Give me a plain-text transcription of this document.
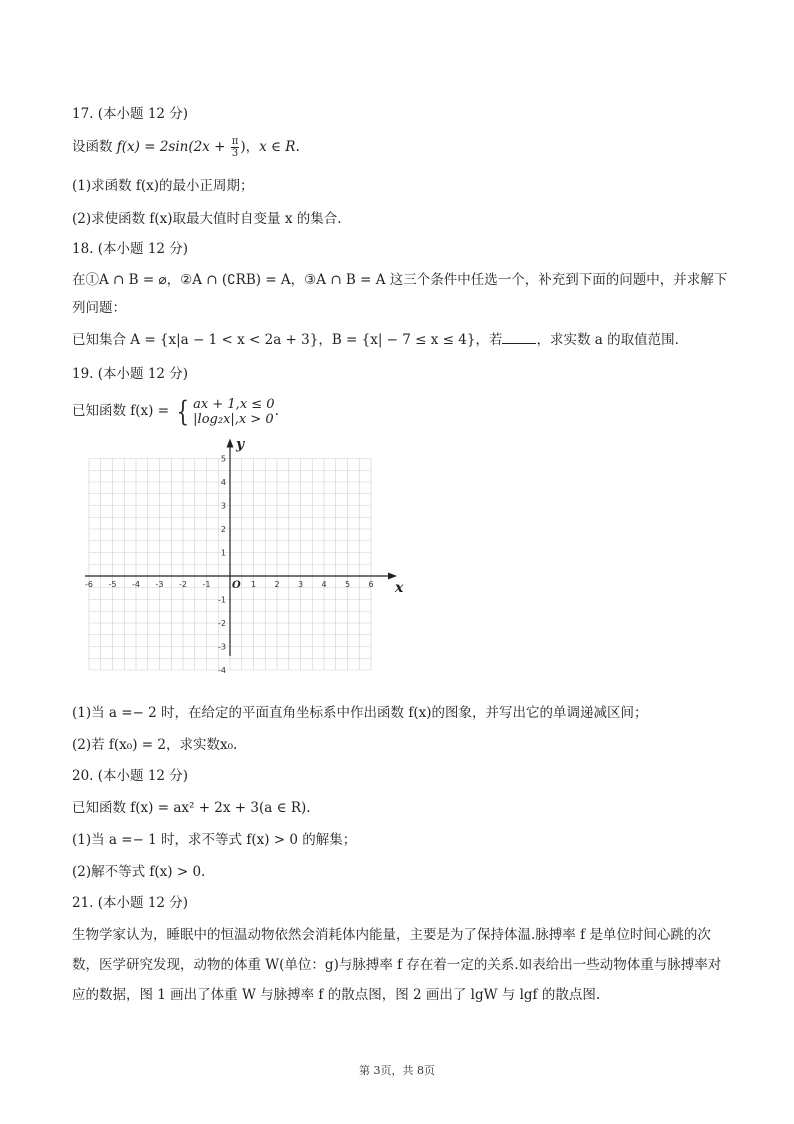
17. (本小题 12 分)
设函数 $f(x) = 2\sin(2x + \frac{\pi}{3}$ )，x ∈ R.
(1)求函数 f(x)的最小正周期；
(2)求使函数 f(x)取最大值时自变量 x 的集合.
18. (本小题 12 分)
在①A ∩ B = ⌀，②A ∩ (∁RB) = A，③A ∩ B = A 这三个条件中任选一个，补充到下面的问题中，并求解下
列问题：
已知集合 A = {x|a − 1 < x < 2a + 3}，B = {x| − 7 ≤ x ≤ 4}，若	，求实数 a 的取值范围.
19. (本小题 12 分)
已知函数 f(x) = { ax + 1,x ≤ 0
|log₂x|,x > 0 .
-6 -5 -4 -3 -2 -1	1 2 3 4 5 6
5
4
3
2
1
-1
-2
-3
-4
O	x
y
(1)当 a =− 2 时，在给定的平面直角坐标系中作出函数 f(x)的图象，并写出它的单调递减区间；
(2)若 f(x₀) = 2，求实数x₀.
20. (本小题 12 分)
已知函数 f(x) = ax² + 2x + 3(a ∈ R).
(1)当 a =− 1 时，求不等式 f(x) > 0 的解集；
(2)解不等式 f(x) > 0.
21. (本小题 12 分)
生物学家认为，睡眠中的恒温动物依然会消耗体内能量，主要是为了保持体温.脉搏率 f 是单位时间心跳的次数，医学研究发现，动物的体重 W(单位：g)与脉搏率 f 存在着一定的关系.如表给出一些动物体重与脉搏率对应的数据，图 1 画出了体重 W 与脉搏率 f 的散点图，图 2 画出了 lgW 与 lgf 的散点图.
第 3页，共 8页
